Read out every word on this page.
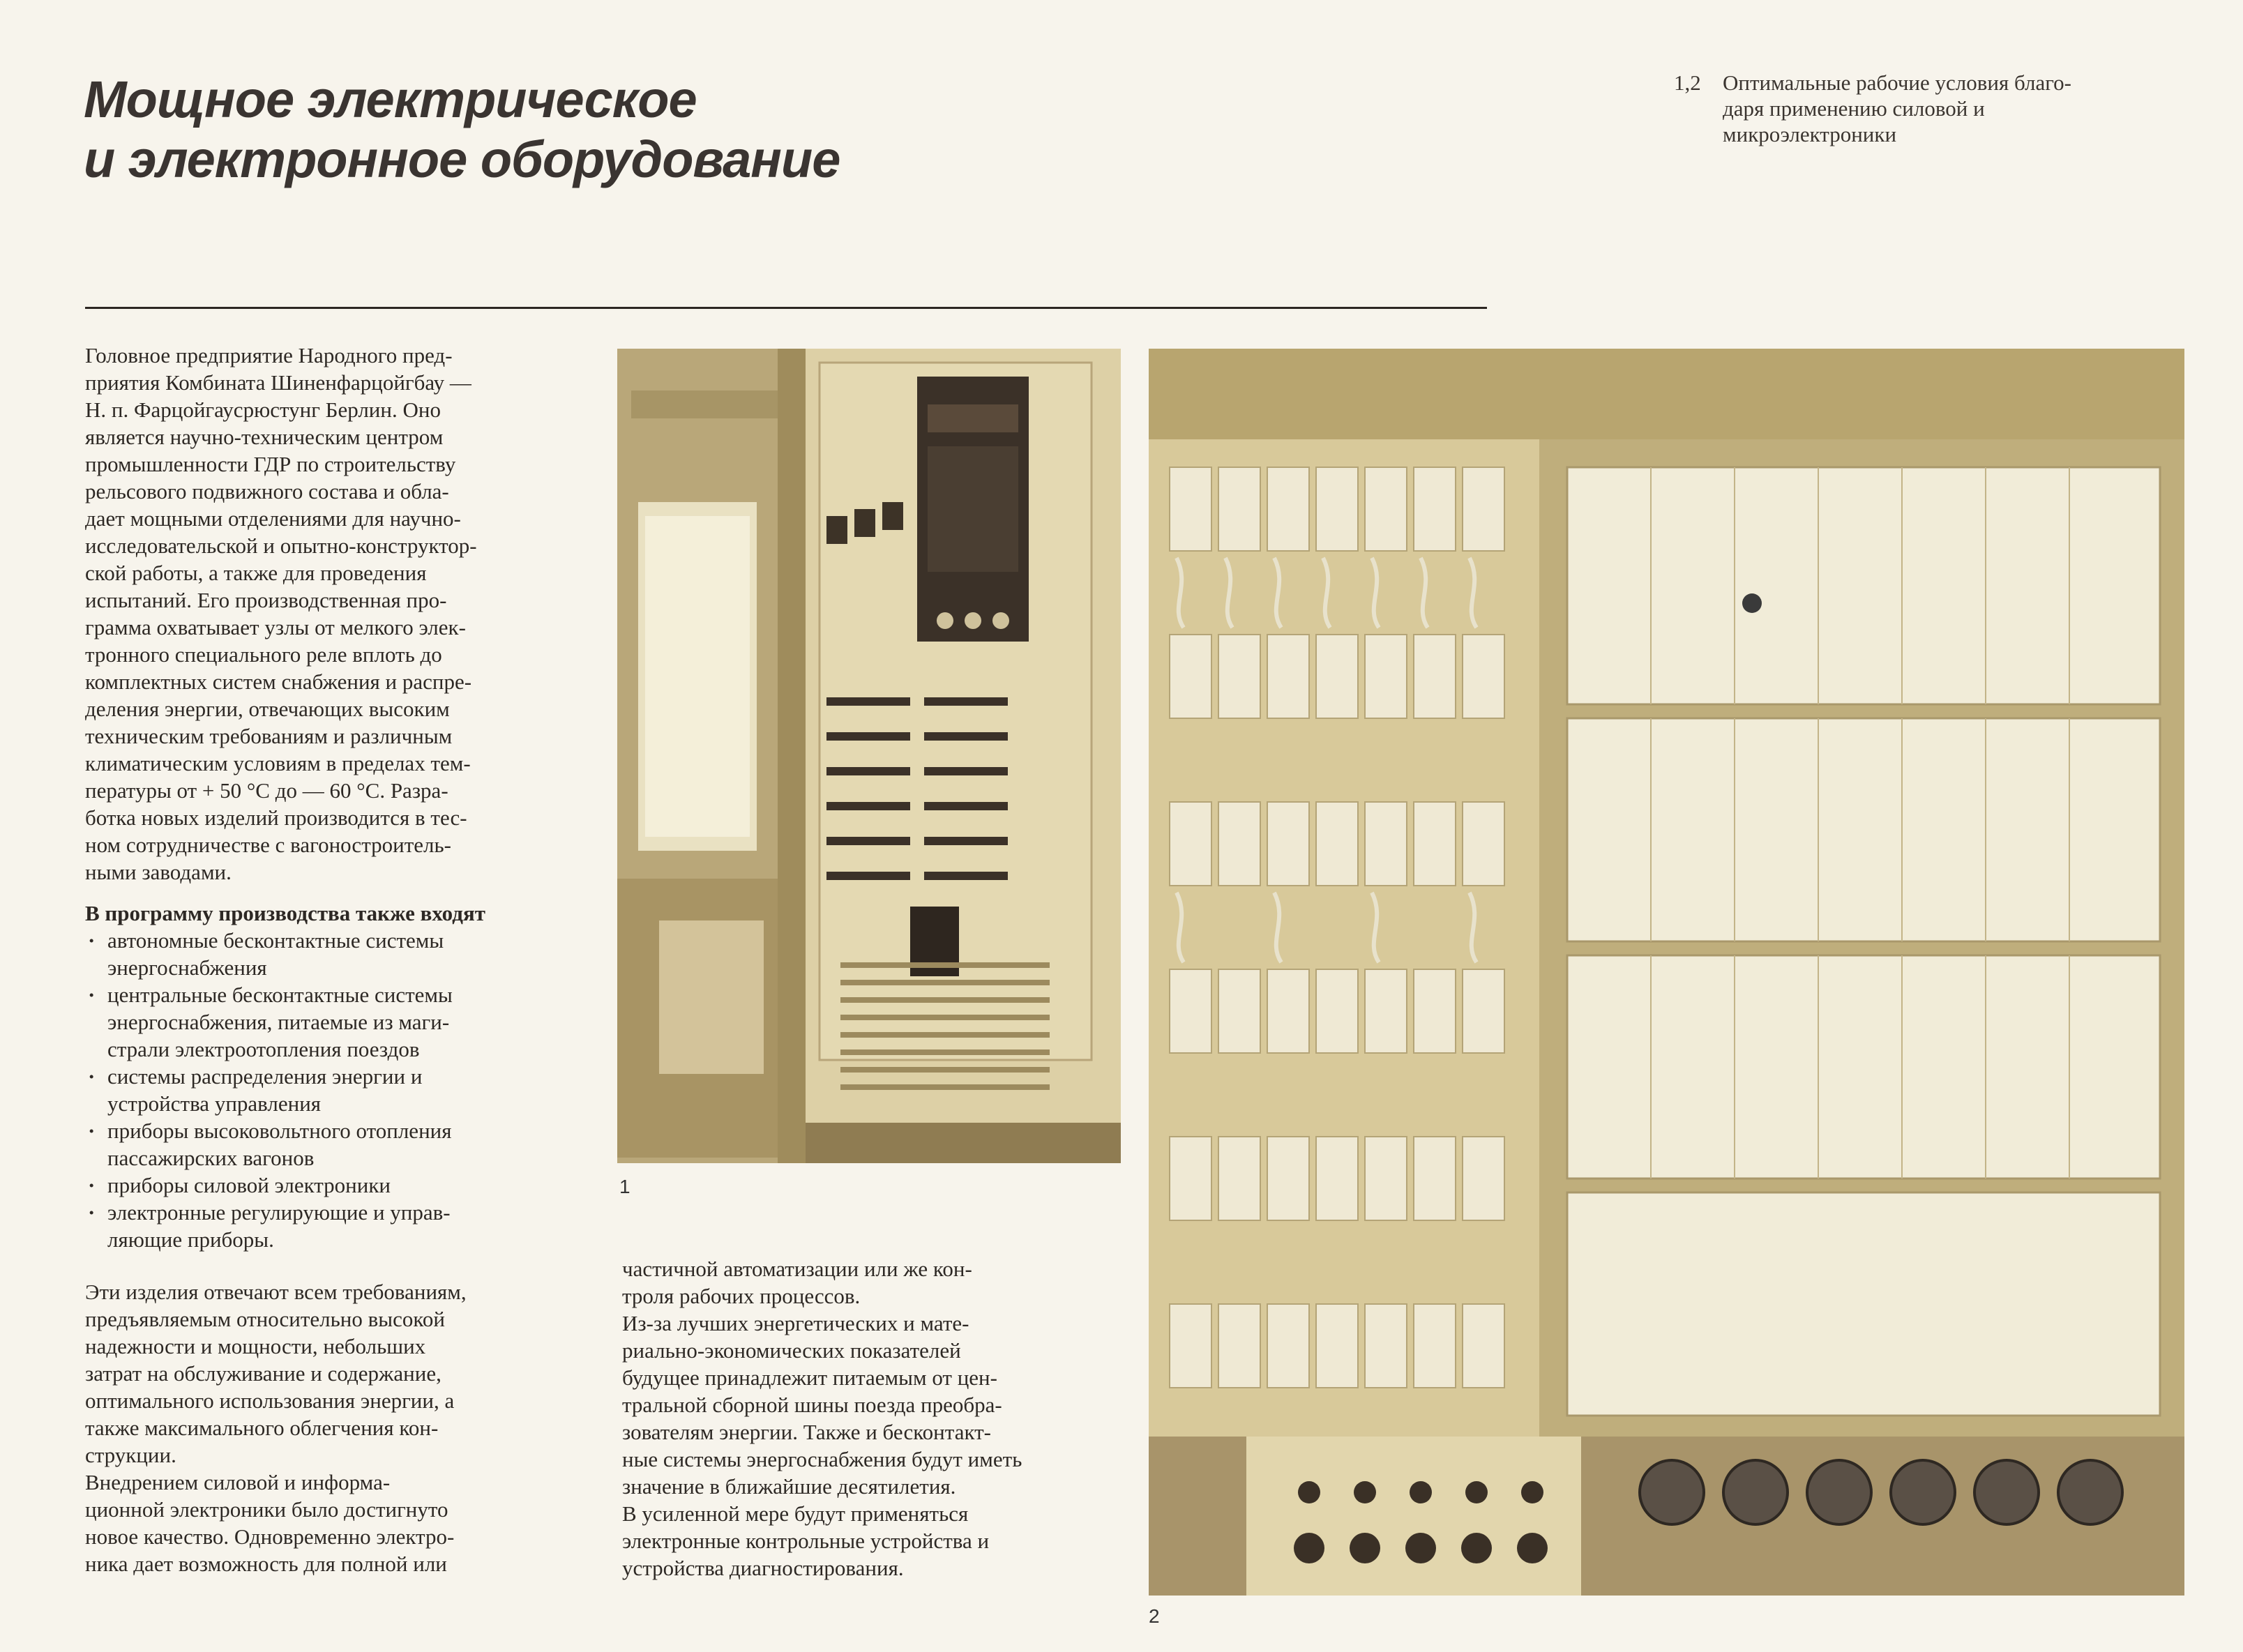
Мощное электрическое
и электронное оборудование
1,2 Оптимальные рабочие условия благо-
даря применению силовой и
микроэлектроники

Головное предприятие Народного пред-
приятия Комбината Шиненфарцойгбау —
Н. п. Фарцойгаусрюстунг Берлин. Оно
является научно-техническим центром
промышленности ГДР по строительству
рельсового подвижного состава и обла-
дает мощными отделениями для научно-
исследовательской и опытно-конструктор-
ской работы, а также для проведения
испытаний. Его производственная про-
грамма охватывает узлы от мелкого элек-
тронного специального реле вплоть до
комплектных систем снабжения и распре-
деления энергии, отвечающих высоким
техническим требованиям и различным
климатическим условиям в пределах тем-
пературы от + 50 °C до — 60 °C. Разра-
ботка новых изделий производится в тес-
ном сотрудничестве с вагоностроитель-
ными заводами.

В программу производства также входят

· автономные бесконтактные системы
энергоснабжения
· центральные бесконтактные системы
энергоснабжения, питаемые из маги-
страли электроотопления поездов
· системы распределения энергии и
устройства управления
· приборы высоковольтного отопления
пассажирских вагонов
· приборы силовой электроники
· электронные регулирующие и управ-
ляющие приборы.

Эти изделия отвечают всем требованиям,
предъявляемым относительно высокой
надежности и мощности, небольших
затрат на обслуживание и содержание,
оптимального использования энергии, а
также максимального облегчения кон-
струкции.
Внедрением силовой и информа-
ционной электроники было достигнуто
новое качество. Одновременно электро-
ника дает возможность для полной или

частичной автоматизации или же кон-
троля рабочих процессов.
Из-за лучших энергетических и мате-
риально-экономических показателей
будущее принадлежит питаемым от цен-
тральной сборной шины поезда преобра-
зователям энергии. Также и бесконтакт-
ные системы энергоснабжения будут иметь
значение в ближайшие десятилетия.
В усиленной мере будут применяться
электронные контрольные устройства и
устройства диагностирования.

1
2
